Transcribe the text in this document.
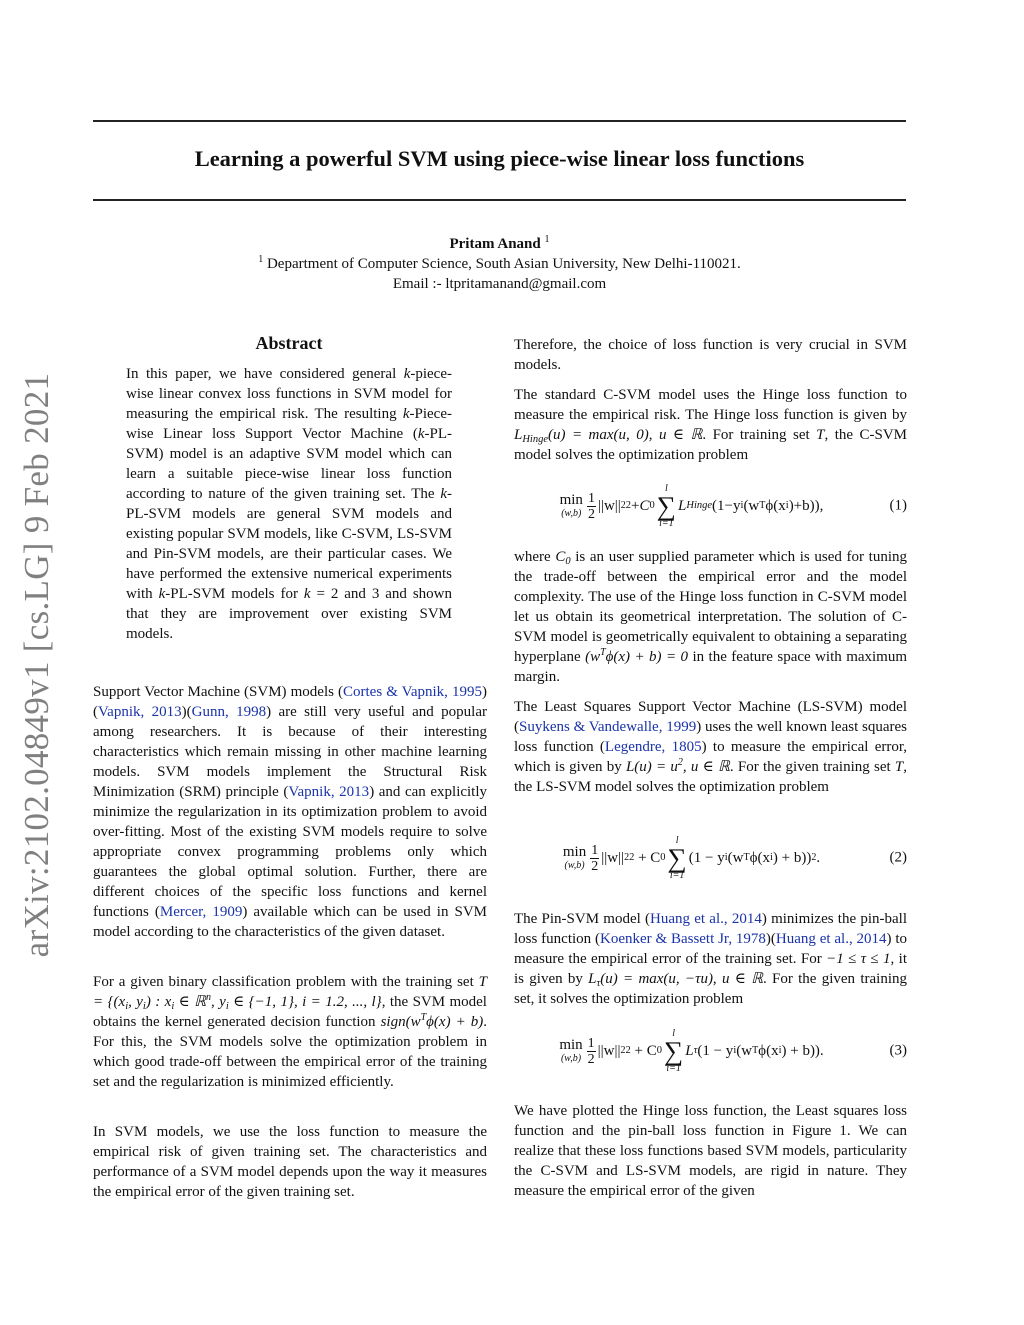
Learning a powerful SVM using piece-wise linear loss functions
Pritam Anand $^1$
$^1$ Department of Computer Science, South Asian University, New Delhi-110021.
Email :- ltpritamanand@gmail.com
arXiv:2102.04849v1 [cs.LG] 9 Feb 2021
Abstract

In this paper, we have considered general k-piece-wise linear convex loss functions in SVM model for measuring the empirical risk. The resulting k-Piece-wise Linear loss Support Vector Machine (k-PL-SVM) model is an adaptive SVM model which can learn a suitable piece-wise linear loss function according to nature of the given training set. The k-PL-SVM models are general SVM models and existing popular SVM models, like C-SVM, LS-SVM and Pin-SVM models, are their particular cases. We have performed the extensive numerical experiments with k-PL-SVM models for k = 2 and 3 and shown that they are improvement over existing SVM models.

Support Vector Machine (SVM) models (Cortes & Vapnik, 1995)(Vapnik, 2013)(Gunn, 1998) are still very useful and popular among researchers. It is because of their interesting characteristics which remain missing in other machine learning models. SVM models implement the Structural Risk Minimization (SRM) principle (Vapnik, 2013) and can explicitly minimize the regularization in its optimization problem to avoid over-fitting. Most of the existing SVM models require to solve appropriate convex programming problems only which guarantees the global optimal solution. Further, there are different choices of the specific loss functions and kernel functions (Mercer, 1909) available which can be used in SVM model according to the characteristics of the given dataset.

For a given binary classification problem with the training set $T = \{(x_i$, $y_i$) : $x_i$ ∈ ℝ$^n$, $y_i$ ∈ {−1, 1}, i = 1.2, ..., l}, the SVM model obtains the kernel generated decision function $sign(w^T\phi(x) + b)$. For this, the SVM models solve the optimization problem in which good trade-off between the empirical error of the training set and the regularization is minimized efficiently.

In SVM models, we use the loss function to measure the empirical risk of given training set. The characteristics and performance of a SVM model depends upon the way it measures the empirical error of the given training set.

Therefore, the choice of loss function is very crucial in SVM models.

The standard C-SVM model uses the Hinge loss function to measure the empirical risk. The Hinge loss function is given by $L_{Hinge}(u) = \max(u$, 0), u ∈ ℝ. For training set T, the C-SVM model solves the optimization problem

min
$(w,b) \frac{1}{2} ||w||$ 2 2 + C 0
l
∑
i=1
L Hinge (1−y i (w T ϕ(x i )+b)),	(1)

where $C_0$ is an user supplied parameter which is used for tuning the trade-off between the empirical error and the model complexity. The use of the Hinge loss function in C-SVM model let us obtain its geometrical interpretation. The solution of C-SVM model is geometrically equivalent to obtaining a separating hyperplane $(w^T\phi(x) + b) = 0$ in the feature space with maximum margin.

The Least Squares Support Vector Machine (LS-SVM) model (Suykens & Vandewalle, 1999) uses the well known least squares loss function (Legendre, 1805) to measure the empirical error, which is given by $L(u) = u^2$, u ∈ ℝ. For the given training set T, the LS-SVM model solves the optimization problem

min
$(w,b) \frac{1}{2} ||w||$ 2 2
+ C 0
l
∑
i=1
(1 − y i (w T ϕ(x i ) + b)) 2 .	(2)

The Pin-SVM model (Huang et al., 2014) minimizes the pin-ball loss function (Koenker & Bassett Jr, 1978)(Huang et al., 2014) to measure the empirical error of the training set. For −1 ≤ τ ≤ 1, it is given by $L_\tau(u) = \max(u$, −τu), u ∈ ℝ. For the given training set, it solves the optimization problem

min
$(w,b) \frac{1}{2} ||w||$ 2 2
+ C 0
l
∑
i=1
L τ (1 − y i (w T ϕ(x i ) + b)).	(3)

We have plotted the Hinge loss function, the Least squares loss function and the pin-ball loss function in Figure 1. We can realize that these loss functions based SVM models, particularity the C-SVM and LS-SVM models, are rigid in nature. They measure the empirical error of the given
